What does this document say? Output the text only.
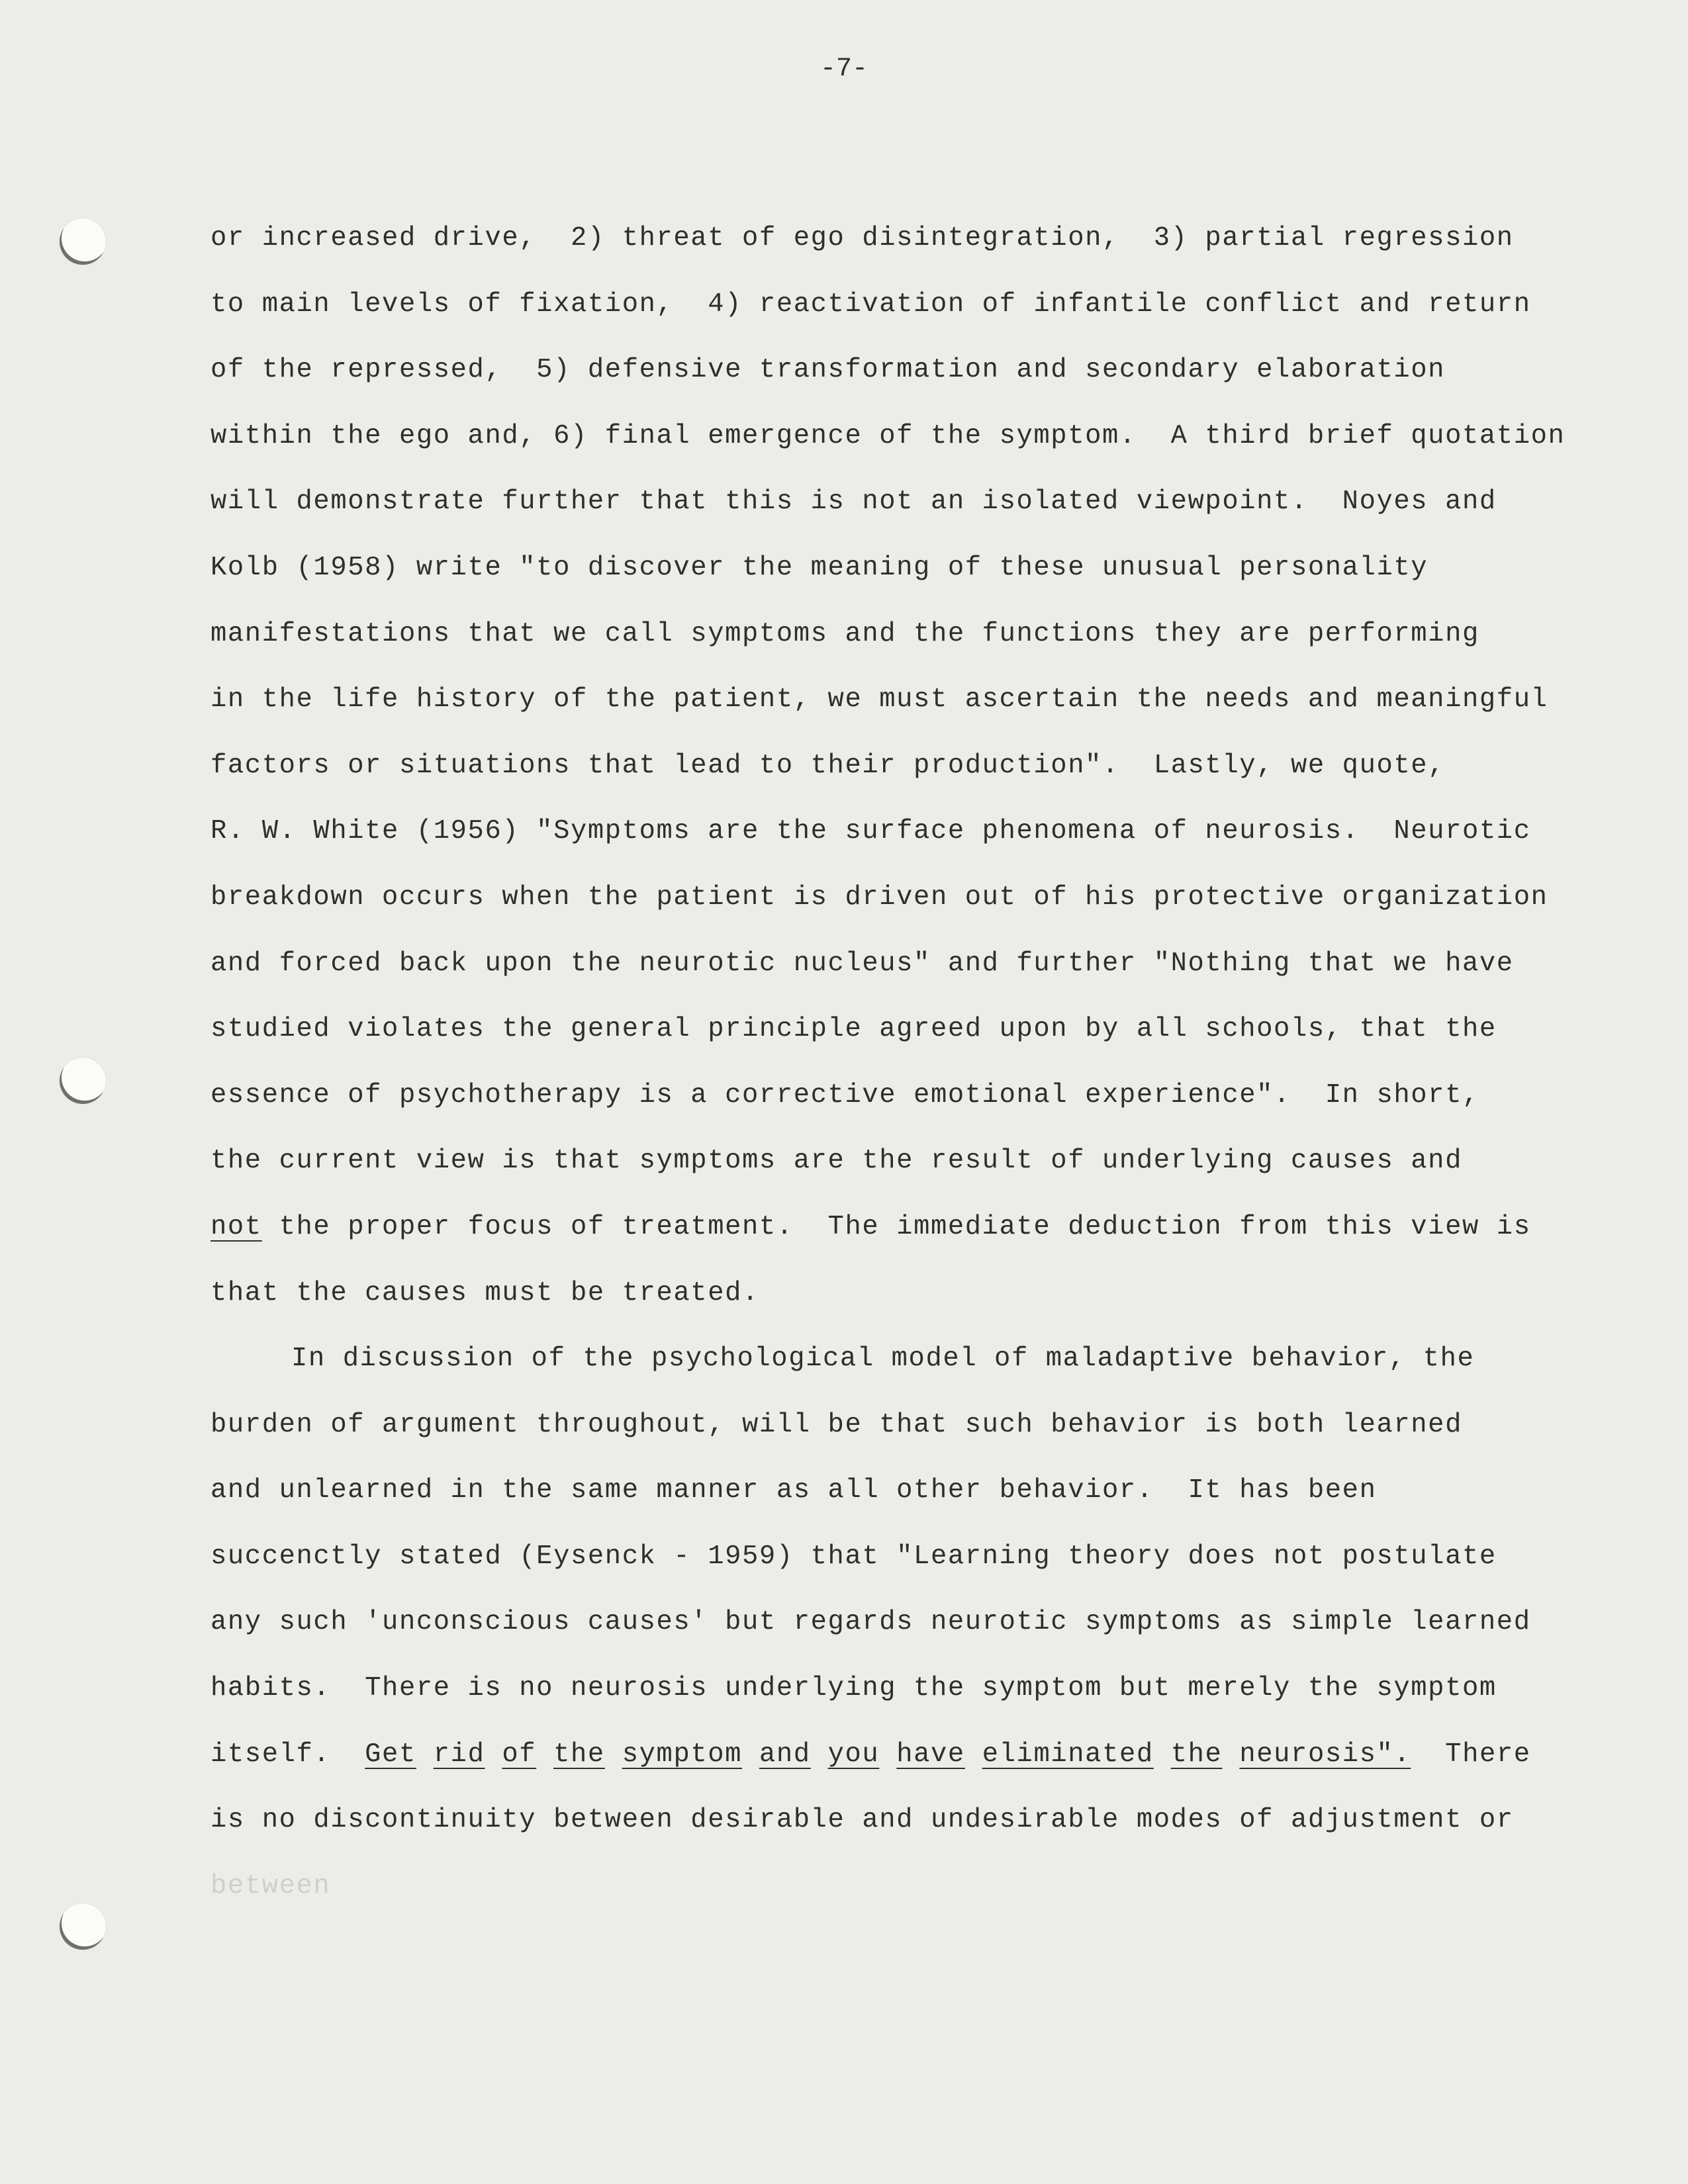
-7-
or increased drive,  2) threat of ego disintegration,  3) partial regression
to main levels of fixation,  4) reactivation of infantile conflict and return
of the repressed,  5) defensive transformation and secondary elaboration
within the ego and, 6) final emergence of the symptom.  A third brief quotation
will demonstrate further that this is not an isolated viewpoint.  Noyes and
Kolb (1958) write "to discover the meaning of these unusual personality
manifestations that we call symptoms and the functions they are performing
in the life history of the patient, we must ascertain the needs and meaningful
factors or situations that lead to their production".  Lastly, we quote,
R. W. White (1956) "Symptoms are the surface phenomena of neurosis.  Neurotic
breakdown occurs when the patient is driven out of his protective organization
and forced back upon the neurotic nucleus" and further "Nothing that we have
studied violates the general principle agreed upon by all schools, that the
essence of psychotherapy is a corrective emotional experience".  In short,
the current view is that symptoms are the result of underlying causes and
not the proper focus of treatment.  The immediate deduction from this view is
that the causes must be treated.
In discussion of the psychological model of maladaptive behavior, the
burden of argument throughout, will be that such behavior is both learned
and unlearned in the same manner as all other behavior.  It has been
succenctly stated (Eysenck - 1959) that "Learning theory does not postulate
any such 'unconscious causes' but regards neurotic symptoms as simple learned
habits.  There is no neurosis underlying the symptom but merely the symptom
itself.  Get rid of the symptom and you have eliminated the neurosis".  There
is no discontinuity between desirable and undesirable modes of adjustment or
between
